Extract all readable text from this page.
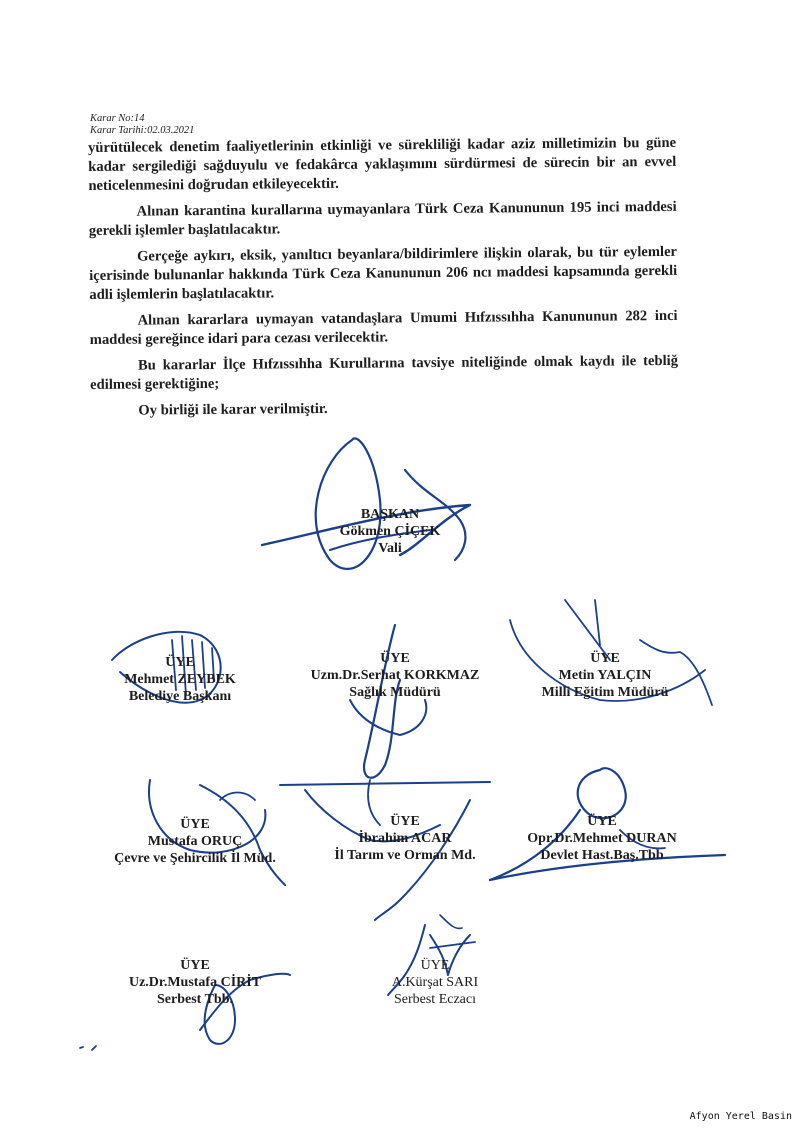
Karar No:14
Karar Tarihi:02.03.2021

yürütülecek denetim faaliyetlerinin etkinliği ve sürekliliği kadar aziz milletimizin bu güne kadar sergilediği sağduyulu ve fedakârca yaklaşımını sürdürmesi de sürecin bir an evvel neticelenmesini doğrudan etkileyecektir.

Alınan karantina kurallarına uymayanlara Türk Ceza Kanununun 195 inci maddesi gerekli işlemler başlatılacaktır.

Gerçeğe aykırı, eksik, yanıltıcı beyanlara/bildirimlere ilişkin olarak, bu tür eylemler içerisinde bulunanlar hakkında Türk Ceza Kanununun 206 ncı maddesi kapsamında gerekli adli işlemlerin başlatılacaktır.

Alınan kararlara uymayan vatandaşlara Umumi Hıfzıssıhha Kanununun 282 inci maddesi gereğince idari para cezası verilecektir.

Bu kararlar İlçe Hıfzıssıhha Kurullarına tavsiye niteliğinde olmak kaydı ile tebliğ edilmesi gerektiğine;

Oy birliği ile karar verilmiştir.

BAŞKAN
Gökmen ÇİÇEK
Vali
ÜYE
Mehmet ZEYBEK
Belediye Başkanı
ÜYE
Uzm.Dr.Serhat KORKMAZ
Sağlık Müdürü
ÜYE
Metin YALÇIN
Milli Eğitim Müdürü
ÜYE
Mustafa ORUÇ
Çevre ve Şehircilik İl Müd.
ÜYE
İbrahim ACAR
İl Tarım ve Orman Md.
ÜYE
Opr.Dr.Mehmet DURAN
Devlet Hast.Baş.Tbb
ÜYE
Uz.Dr.Mustafa CİRİT
Serbest Tbb.
ÜYE
A.Kürşat SARI
Serbest Eczacı
Afyon Yerel Basin
